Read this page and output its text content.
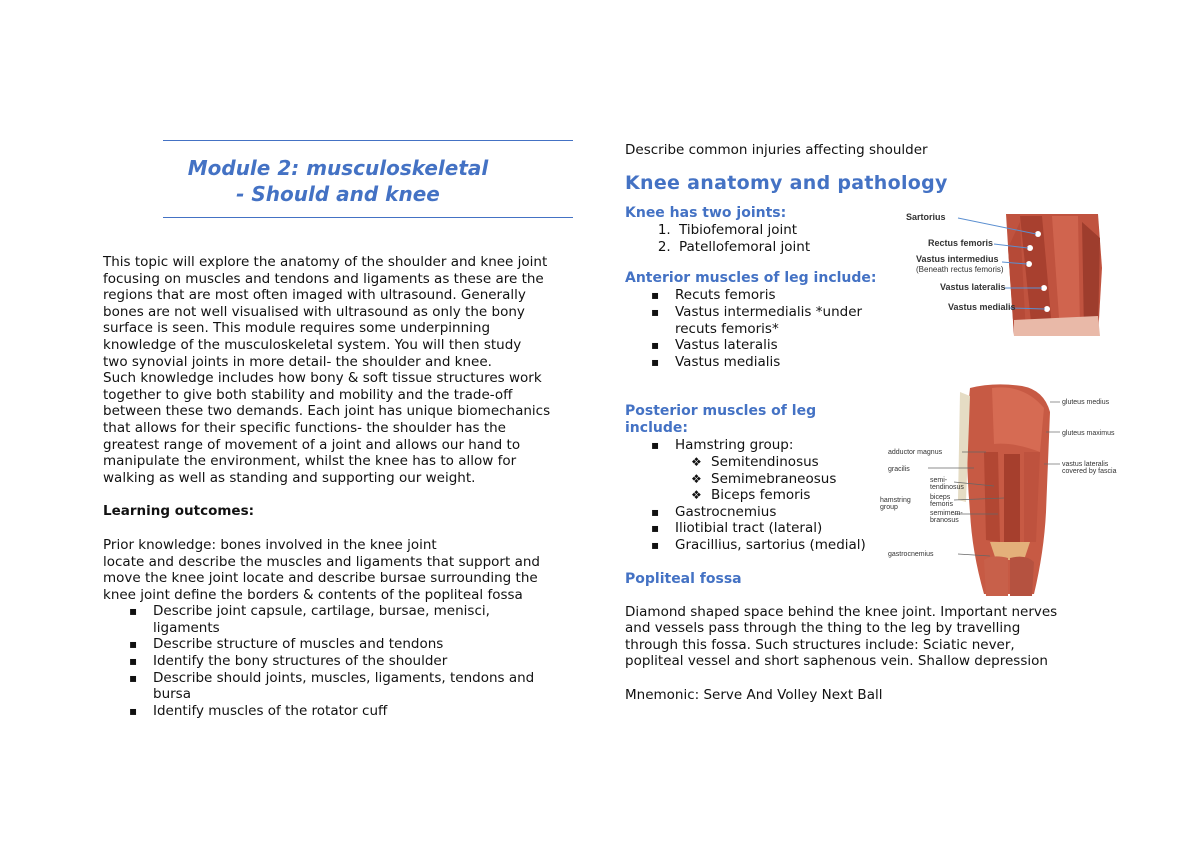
Module 2: musculoskeletal
- Should and knee
This topic will explore the anatomy of the shoulder and knee joint
focusing on muscles and tendons and ligaments as these are the
regions that are most often imaged with ultrasound. Generally
bones are not well visualised with ultrasound as only the bony
surface is seen. This module requires some underpinning
knowledge of the musculoskeletal system. You will then study
two synovial joints in more detail- the shoulder and knee.
Such knowledge includes how bony & soft tissue structures work
together to give both stability and mobility and the trade-off
between these two demands. Each joint has unique biomechanics
that allows for their specific functions- the shoulder has the
greatest range of movement of a joint and allows our hand to
manipulate the environment, whilst the knee has to allow for
walking as well as standing and supporting our weight.
Learning outcomes:
Prior knowledge: bones involved in the knee joint
locate and describe the muscles and ligaments that support and
move the knee joint locate and describe bursae surrounding the
knee joint define the borders & contents of the popliteal fossa
▪ Describe joint capsule, cartilage, bursae, menisci, ligaments
▪ Describe structure of muscles and tendons
▪ Identify the bony structures of the shoulder
▪ Describe should joints, muscles, ligaments, tendons and bursa
▪ Identify muscles of the rotator cuff

Describe common injuries affecting shoulder

Knee anatomy and pathology
Knee has two joints:
1. Tibiofemoral joint
2. Patellofemoral joint
Anterior muscles of leg include:
▪ Recuts femoris
▪ Vastus intermedialis *under recuts femoris*
▪ Vastus lateralis
▪ Vastus medialis
Posterior muscles of leg include:
▪ Hamstring group:
❖ Semitendinosus
❖ Semimebraneosus
❖ Biceps femoris
▪ Gastrocnemius
▪ Iliotibial tract (lateral)
▪ Gracillius, sartorius (medial)
Popliteal fossa
Diamond shaped space behind the knee joint. Important nerves
and vessels pass through the thing to the leg by travelling
through this fossa. Such structures include: Sciatic never,
popliteal vessel and short saphenous vein. Shallow depression

Mnemonic: Serve And Volley Next Ball

Sartorius
Rectus femoris
Vastus intermedius
(Beneath rectus femoris)
Vastus lateralis
Vastus medialis
gluteus medius
gluteus maximus
adductor magnus
gracilis
vastus lateralis
covered by fascia
semi-
tendinosus
biceps
femoris
hamstring
group
semimem-
branosus
gastrocnemius
